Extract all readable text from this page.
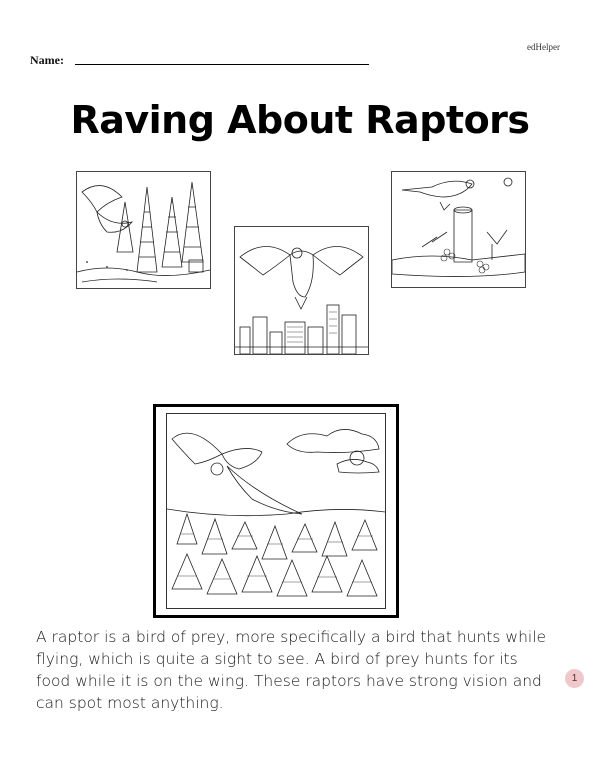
edHelper
Name:
Raving About Raptors

A raptor is a bird of prey, more specifically a bird that hunts while flying, which is quite a sight to see. A bird of prey hunts for its food while it is on the wing. These raptors have strong vision and can spot most anything.

1
